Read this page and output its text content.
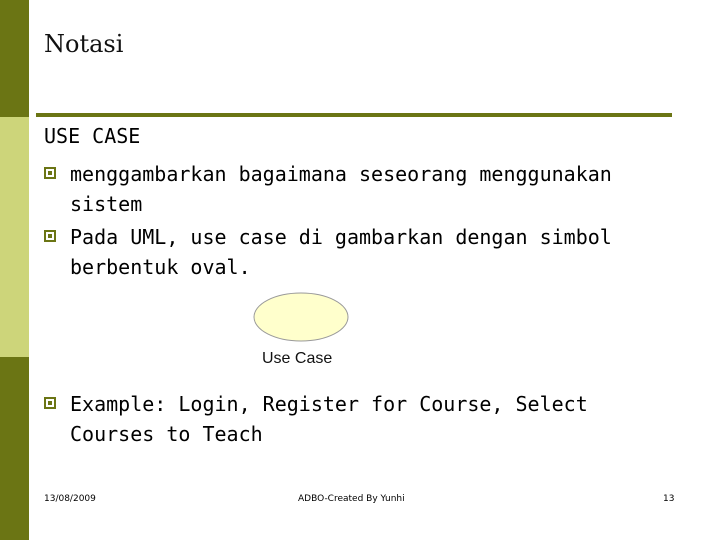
Notasi
USE CASE
menggambarkan bagaimana seseorang menggunakan sistem
Pada UML, use case di gambarkan dengan simbol berbentuk oval.
Use Case
Example: Login, Register for Course, Select Courses to Teach
13/08/2009	ADBO-Created By Yunhi	13
